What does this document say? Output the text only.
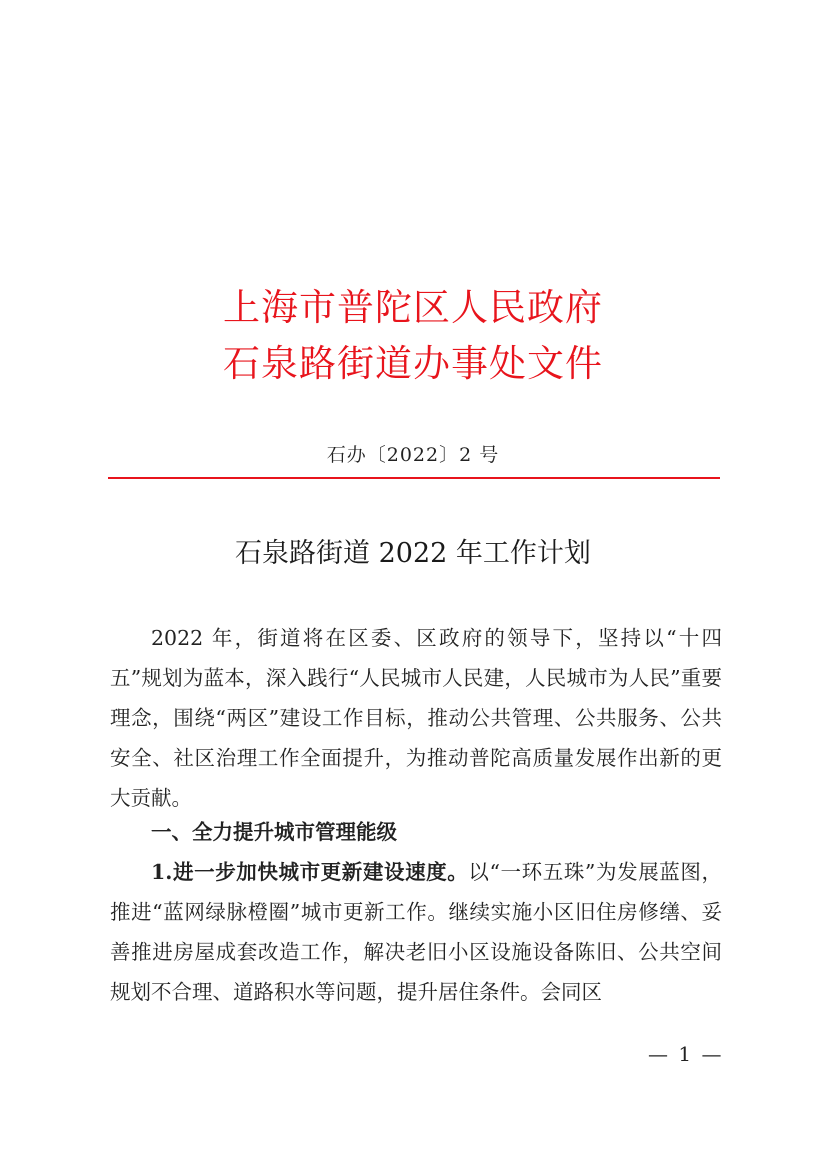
上海市普陀区人民政府
石泉路街道办事处文件
石办〔2022〕2 号
石泉路街道 2022 年工作计划
2022 年，街道将在区委、区政府的领导下，坚持以“十四五”规划为蓝本，深入践行“人民城市人民建，人民城市为人民”重要理念，围绕“两区”建设工作目标，推动公共管理、公共服务、公共安全、社区治理工作全面提升，为推动普陀高质量发展作出新的更大贡献。
一、全力提升城市管理能级
1.进一步加快城市更新建设速度。以“一环五珠”为发展蓝图，推进“蓝网绿脉橙圈”城市更新工作。继续实施小区旧住房修缮、妥善推进房屋成套改造工作，解决老旧小区设施设备陈旧、公共空间规划不合理、道路积水等问题，提升居住条件。会同区
— 1 —
